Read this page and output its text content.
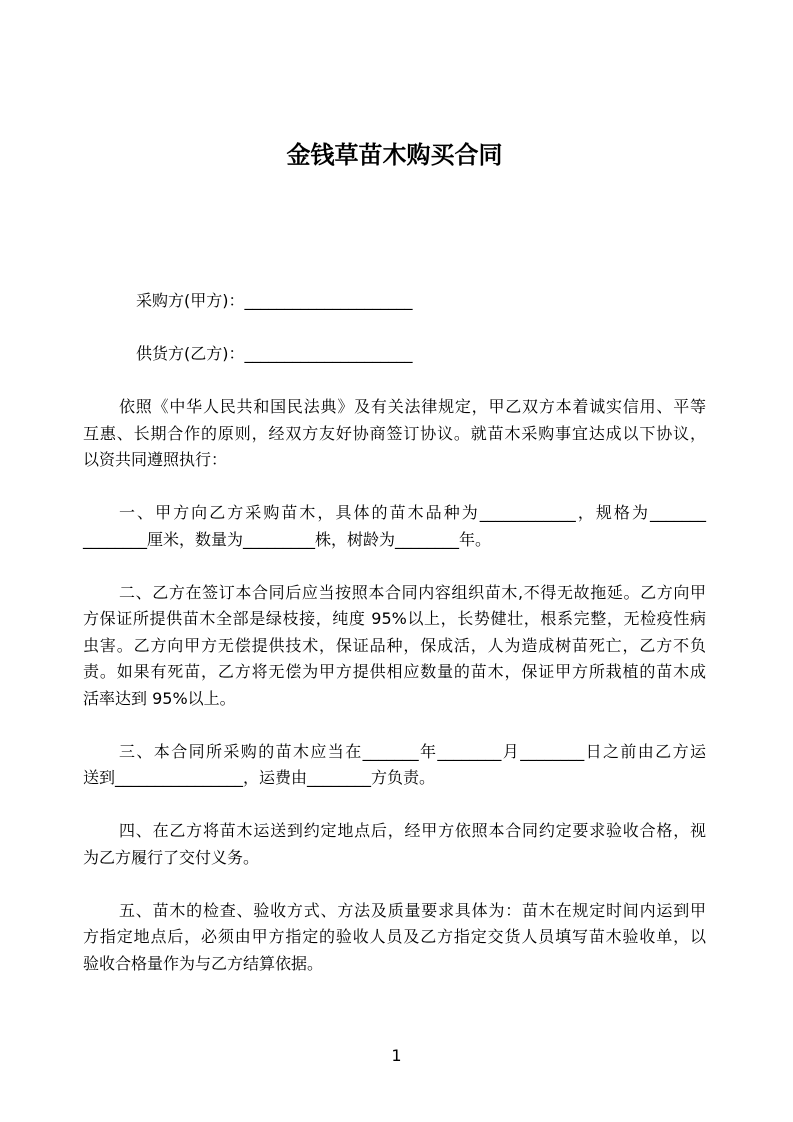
金钱草苗木购买合同
采购方(甲方)：_____________________
供货方(乙方)：_____________________
依照《中华人民共和国民法典》及有关法律规定，甲乙双方本着诚实信用、平等
互惠、长期合作的原则，经双方友好协商签订协议。就苗木采购事宜达成以下协议，
以资共同遵照执行：
一、甲方向乙方采购苗木，具体的苗木品种为____________，规格为_______
________厘米，数量为_________株，树龄为________年。
二、乙方在签订本合同后应当按照本合同内容组织苗木,不得无故拖延。乙方向甲
方保证所提供苗木全部是绿枝接，纯度 95%以上，长势健壮，根系完整，无检疫性病
虫害。乙方向甲方无偿提供技术，保证品种，保成活，人为造成树苗死亡，乙方不负
责。如果有死苗，乙方将无偿为甲方提供相应数量的苗木，保证甲方所栽植的苗木成
活率达到 95%以上。
三、本合同所采购的苗木应当在_______年________月________日之前由乙方运
送到________________，运费由________方负责。
四、在乙方将苗木运送到约定地点后，经甲方依照本合同约定要求验收合格，视
为乙方履行了交付义务。
五、苗木的检查、验收方式、方法及质量要求具体为：苗木在规定时间内运到甲
方指定地点后，必须由甲方指定的验收人员及乙方指定交货人员填写苗木验收单，以
验收合格量作为与乙方结算依据。
1
